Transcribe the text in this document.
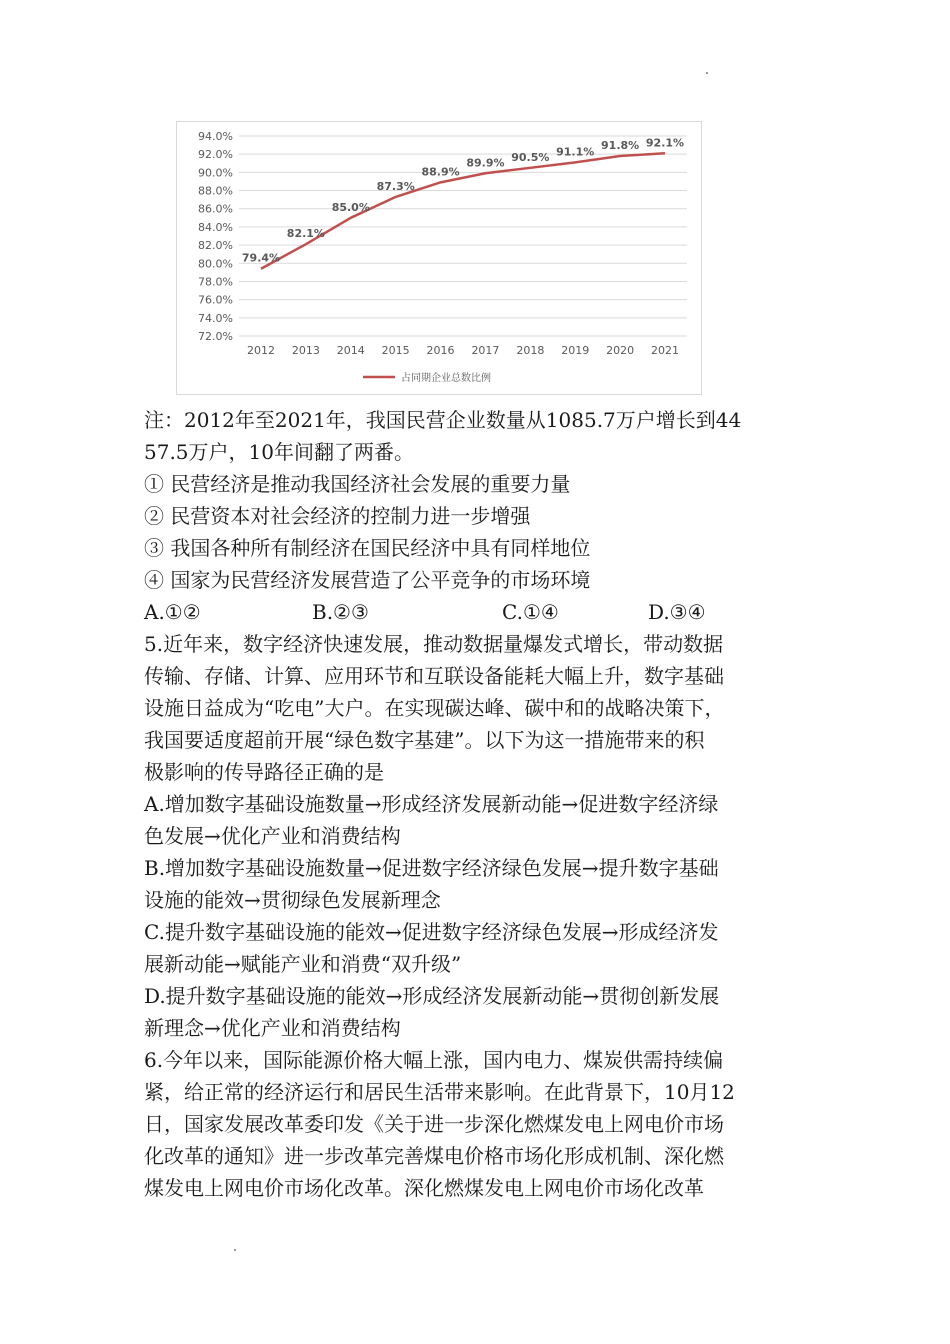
72.0%
74.0%
76.0%
78.0%
80.0%
82.0%
84.0%
86.0%
88.0%
90.0%
92.0%
94.0%
2012 2013 2014 2015 2016 2017 2018 2019 2020 2021
79.4%
82.1%
85.0%
87.3%
88.9%
89.9% 90.5% 91.1% 91.8% 92.1%
占同期企业总数比例

注：2012年至2021年，我国民营企业数量从1085.7万户增长到44

57.5万户，10年间翻了两番。

① 民营经济是推动我国经济社会发展的重要力量

② 民营资本对社会经济的控制力进一步增强

③ 我国各种所有制经济在国民经济中具有同样地位

④ 国家为民营经济发展营造了公平竞争的市场环境

A.①②	B.②③	C.①④	D.③④

5.近年来，数字经济快速发展，推动数据量爆发式增长，带动数据

传输、存储、计算、应用环节和互联设备能耗大幅上升，数字基础

设施日益成为“吃电”大户。在实现碳达峰、碳中和的战略决策下，

我国要适度超前开展“绿色数字基建”。以下为这一措施带来的积

极影响的传导路径正确的是

A.增加数字基础设施数量→形成经济发展新动能→促进数字经济绿

色发展→优化产业和消费结构

B.增加数字基础设施数量→促进数字经济绿色发展→提升数字基础

设施的能效→贯彻绿色发展新理念

C.提升数字基础设施的能效→促进数字经济绿色发展→形成经济发

展新动能→赋能产业和消费“双升级”

D.提升数字基础设施的能效→形成经济发展新动能→贯彻创新发展

新理念→优化产业和消费结构

6.今年以来，国际能源价格大幅上涨，国内电力、煤炭供需持续偏

紧，给正常的经济运行和居民生活带来影响。在此背景下，10月12

日，国家发展改革委印发《关于进一步深化燃煤发电上网电价市场

化改革的通知》进一步改革完善煤电价格市场化形成机制、深化燃

煤发电上网电价市场化改革。深化燃煤发电上网电价市场化改革
